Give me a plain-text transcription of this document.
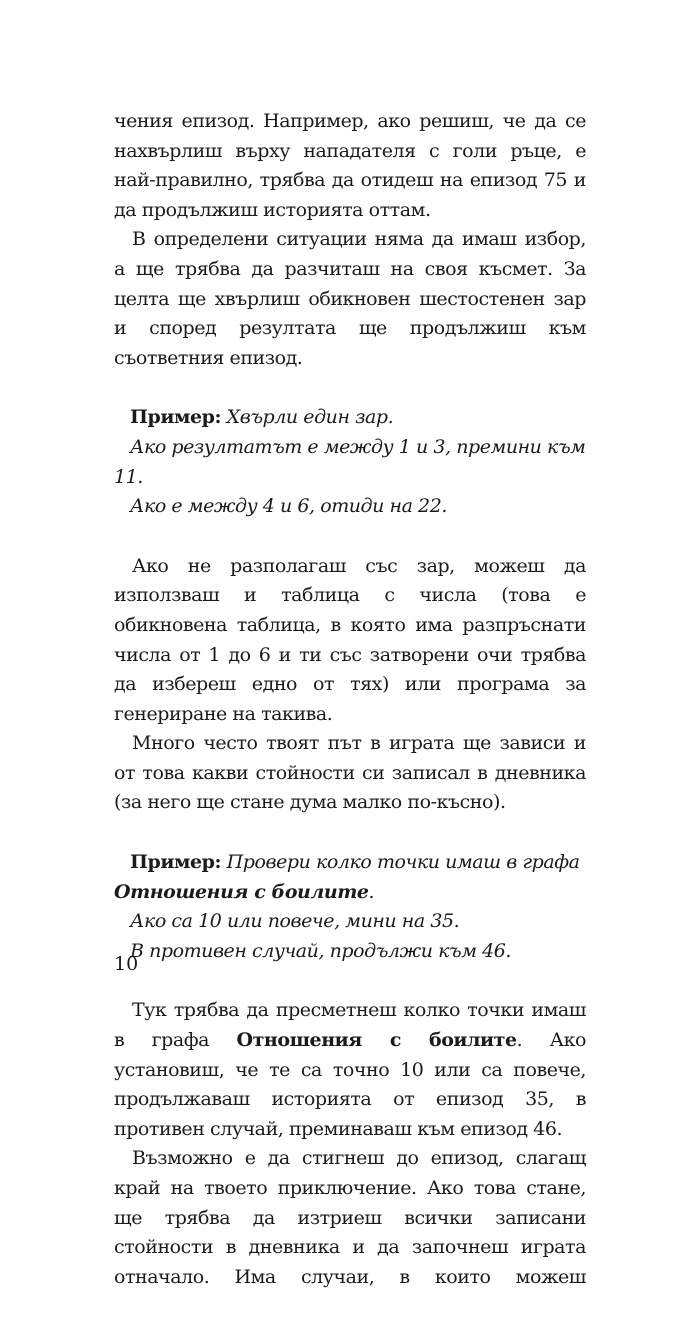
чения епизод. Например, ако решиш, че да се нахвърлиш върху нападателя с голи ръце, е най-правилно, трябва да отидеш на епизод 75 и да продължиш историята оттам.

В определени ситуации няма да имаш избор, а ще трябва да разчиташ на своя късмет. За целта ще хвърлиш обикновен шестостенен зар и според резултата ще продължиш към съответния епизод.

Пример: Хвърли един зар.

Ако резултатът е между 1 и 3, премини към 11.

Ако е между 4 и 6, отиди на 22.

Ако не разполагаш със зар, можеш да използваш и таблица с числа (това е обикновена таблица, в която има разпръснати числа от 1 до 6 и ти със затворени очи трябва да избереш едно от тях) или програма за генериране на такива.

Много често твоят път в играта ще зависи и от това какви стойности си записал в дневника (за него ще стане дума малко по-късно).

Пример: Провери колко точки имаш в графа Отношения с боилите.

Ако са 10 или повече, мини на 35.

В противен случай, продължи към 46.

Тук трябва да пресметнеш колко точки имаш в графа Отношения с боилите. Ако установиш, че те са точно 10 или са повече, продължаваш историята от епизод 35, в противен случай, преминаваш към епизод 46.

Възможно е да стигнеш до епизод, слагащ край на твоето приключение. Ако това стане, ще трябва да изтриеш всички записани стойности в дневника и да започнеш играта отначало. Има случаи, в които можеш

10
